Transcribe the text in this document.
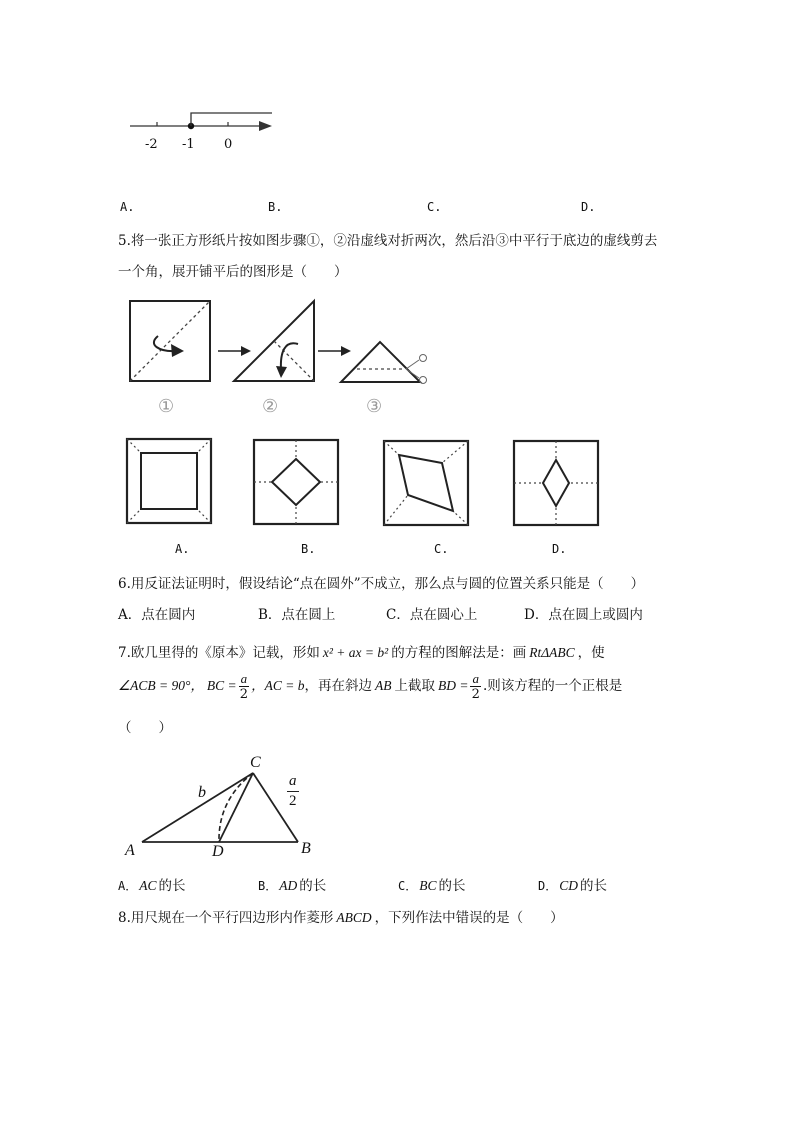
-2 -1 0
A.	B.	C.	D.
5.将一张正方形纸片按如图步骤①，②沿虚线对折两次，然后沿③中平行于底边的虚线剪去
一个角，展开铺平后的图形是（　　）
①	②	③
A.	B.	C.	D.
6.用反证法证明时，假设结论“点在圆外”不成立，那么点与圆的位置关系只能是（　　）
A．点在圆内	B．点在圆上	C．点在圆心上	D．点在圆上或圆内
7.欧几里得的《原本》记载，形如 x² + ax = b² 的方程的图解法是：画 RtΔABC ，使
∠ACB = 90°， BC = $\frac{a}{2}$ ，AC = b，再在斜边 AB 上截取 BD = $\frac{a}{2}$ .则该方程的一个正根是
（　　）
C
A	D	B
b
a
2
A． AC 的长	B． AD 的长	C． BC 的长	D． CD 的长
8.用尺规在一个平行四边形内作菱形 ABCD ，下列作法中错误的是（　　）
